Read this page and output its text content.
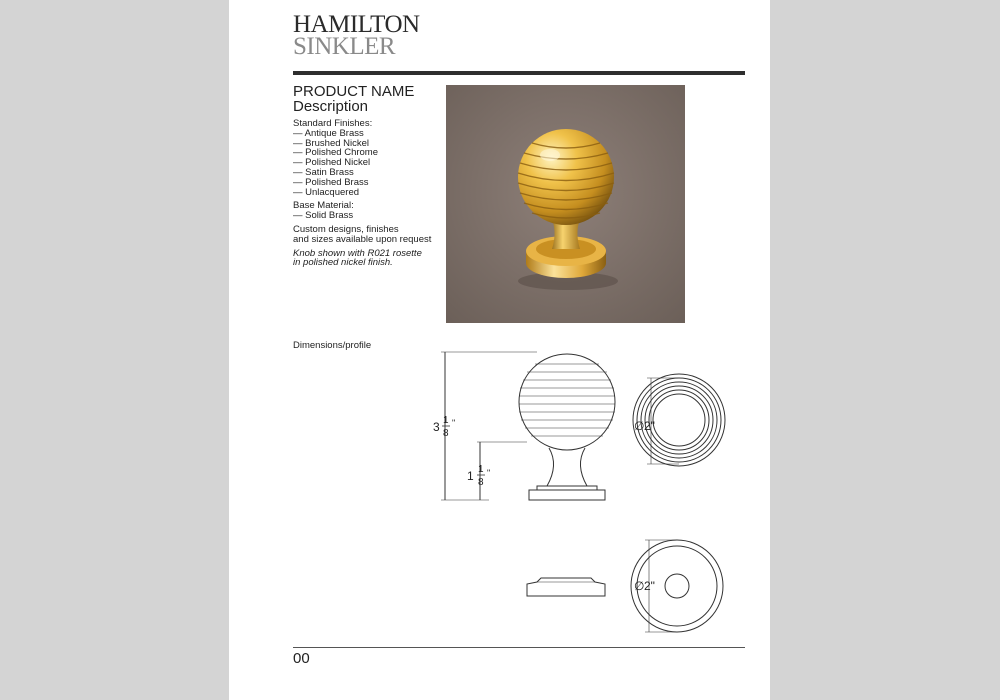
HAMILTON
SINKLER
PRODUCT NAME
Description

Standard Finishes:
— Antique Brass
— Brushed Nickel
— Polished Chrome
— Polished Nickel
— Satin Brass
— Polished Brass
— Unlacquered

Base Material:
— Solid Brass

Custom designs, finishes
and sizes available upon request

Knob shown with R021 rosette
in polished nickel finish.

Dimensions/profile
3 1
8
"
1 1
8
"
∅ 2"
∅ 2"
00
